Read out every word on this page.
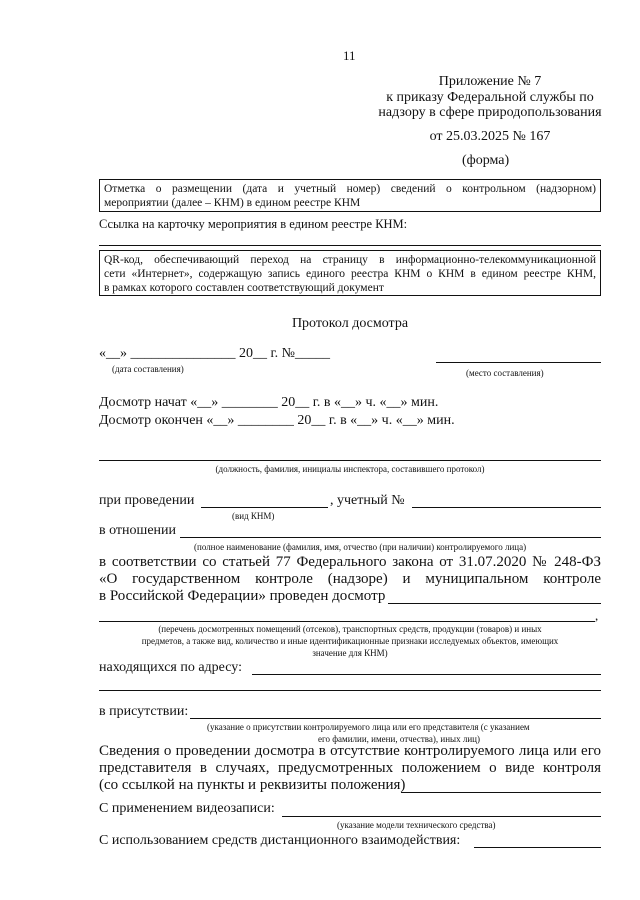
11
Приложение № 7
к приказу Федеральной службы по
надзору в сфере природопользования
от 25.03.2025 № 167
(форма)
Отметка о размещении (дата и учетный номер) сведений о контрольном (надзорном)
мероприятии (далее – КНМ) в едином реестре КНМ
Ссылка на карточку мероприятия в едином реестре КНМ:
QR-код, обеспечивающий переход на страницу в информационно-телекоммуникационной
сети «Интернет», содержащую запись единого реестра КНМ о КНМ в едином реестре КНМ,
в рамках которого составлен соответствующий документ
Протокол досмотра
«__» _______________ 20__ г. №_____
(дата составления)	(место составления)
Досмотр начат «__» ________ 20__ г. в «__» ч. «__» мин.
Досмотр окончен «__» ________ 20__ г. в «__» ч. «__» мин.
(должность, фамилия, инициалы инспектора, составившего протокол)
при проведении	, учетный №
(вид КНМ)
в отношении
(полное наименование (фамилия, имя, отчество (при наличии) контролируемого лица)
в соответствии со статьей 77 Федерального закона от 31.07.2020 № 248-ФЗ
«О государственном контроле (надзоре) и муниципальном контроле
в Российской Федерации» проведен досмотр
,
(перечень досмотренных помещений (отсеков), транспортных средств, продукции (товаров) и иных
предметов, а также вид, количество и иные идентификационные признаки исследуемых объектов, имеющих
значение для КНМ)
находящихся по адресу:
в присутствии:
(указание о присутствии контролируемого лица или его представителя (с указанием
его фамилии, имени, отчества), иных лиц)
Сведения о проведении досмотра в отсутствие контролируемого лица или его
представителя в случаях, предусмотренных положением о виде контроля
(со ссылкой на пункты и реквизиты положения)
С применением видеозаписи:
(указание модели технического средства)
С использованием средств дистанционного взаимодействия:
